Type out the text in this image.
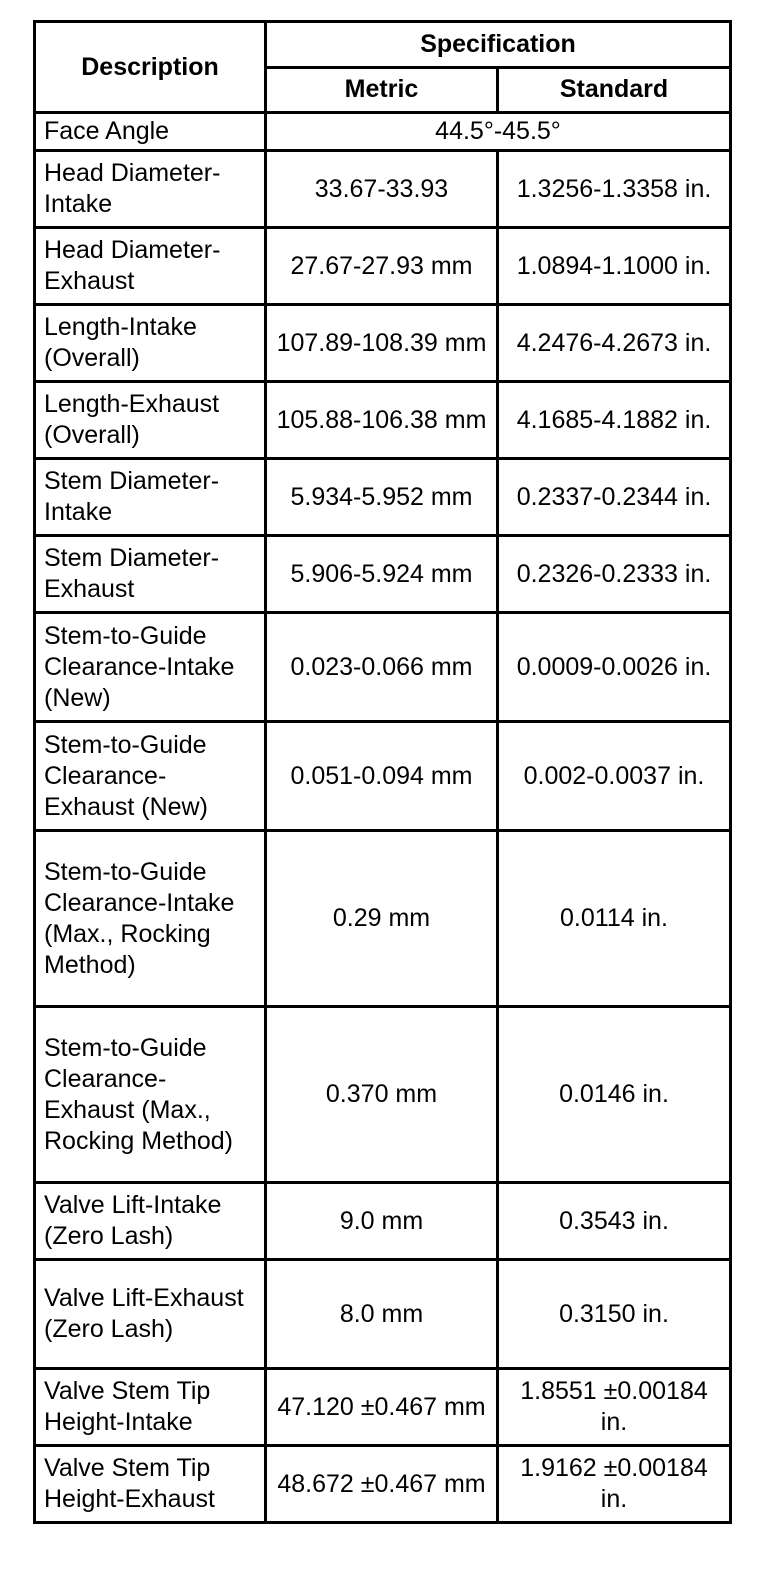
Description	Specification	
	Metric	Standard
Face Angle	44.5°-45.5°	
Head Diameter-Intake	33.67-33.93	1.3256-1.3358 in.
Head Diameter-Exhaust	27.67-27.93 mm	1.0894-1.1000 in.
Length-Intake (Overall)	107.89-108.39 mm	4.2476-4.2673 in.
Length-Exhaust (Overall)	105.88-106.38 mm	4.1685-4.1882 in.
Stem Diameter-Intake	5.934-5.952 mm	0.2337-0.2344 in.
Stem Diameter-Exhaust	5.906-5.924 mm	0.2326-0.2333 in.
Stem-to-Guide Clearance-Intake (New)	0.023-0.066 mm	0.0009-0.0026 in.
Stem-to-Guide Clearance-Exhaust (New)	0.051-0.094 mm	0.002-0.0037 in.
Stem-to-Guide Clearance-Intake (Max., Rocking Method)	0.29 mm	0.0114 in.
Stem-to-Guide Clearance-Exhaust (Max., Rocking Method)	0.370 mm	0.0146 in.
Valve Lift-Intake (Zero Lash)	9.0 mm	0.3543 in.
Valve Lift-Exhaust (Zero Lash)	8.0 mm	0.3150 in.
Valve Stem Tip Height-Intake	47.120 ±0.467 mm	1.8551 ±0.00184 in.
Valve Stem Tip Height-Exhaust	48.672 ±0.467 mm	1.9162 ±0.00184 in.
